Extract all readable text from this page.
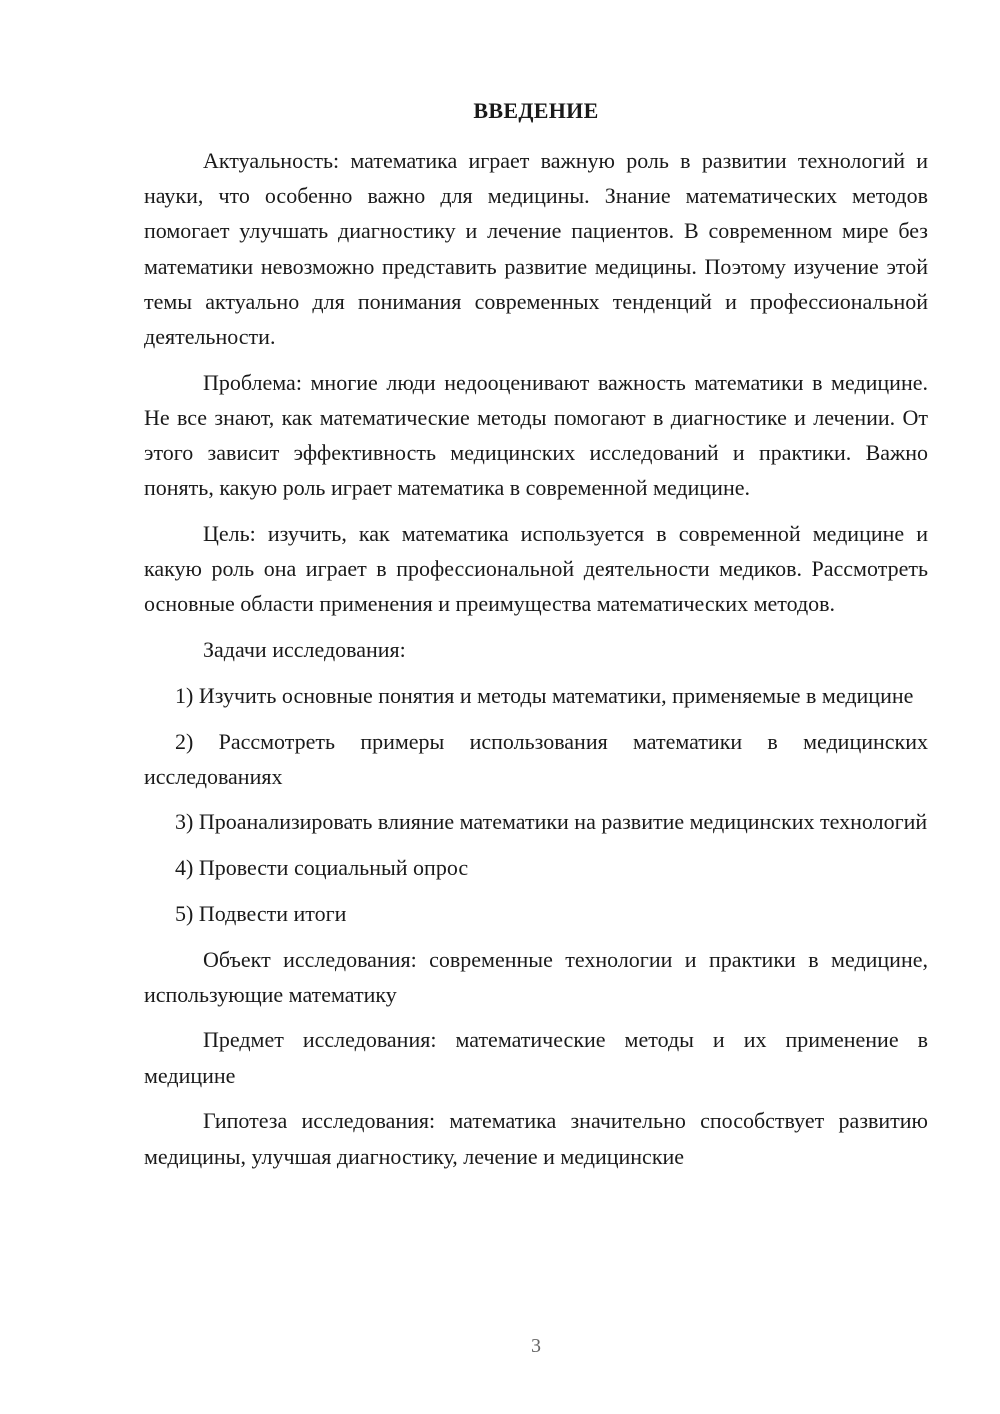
ВВЕДЕНИЕ

Актуальность: математика играет важную роль в развитии технологий и науки, что особенно важно для медицины. Знание математических методов помогает улучшать диагностику и лечение пациентов. В современном мире без математики невозможно представить развитие медицины. Поэтому изучение этой темы актуально для понимания современных тенденций и профессиональной деятельности.

Проблема: многие люди недооценивают важность математики в медицине. Не все знают, как математические методы помогают в диагностике и лечении. От этого зависит эффективность медицинских исследований и практики. Важно понять, какую роль играет математика в современной медицине.

Цель: изучить, как математика используется в современной медицине и какую роль она играет в профессиональной деятельности медиков. Рассмотреть основные области применения и преимущества математических методов.

Задачи исследования:

1) Изучить основные понятия и методы математики, применяемые в медицине

2) Рассмотреть примеры использования математики в медицинских исследованиях

3) Проанализировать влияние математики на развитие медицинских технологий

4) Провести социальный опрос

5) Подвести итоги

Объект исследования: современные технологии и практики в медицине, использующие математику

Предмет исследования: математические методы и их применение в медицине

Гипотеза исследования: математика значительно способствует развитию медицины, улучшая диагностику, лечение и медицинские

3
